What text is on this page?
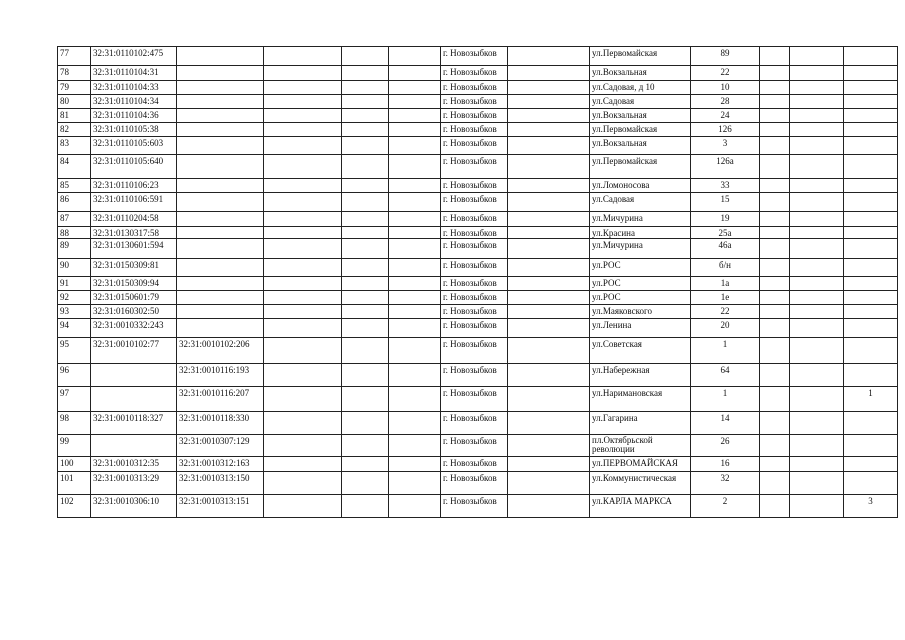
77	32:31:0110102:475					г. Новозыбков		ул.Первомайская	89			
78	32:31:0110104:31					г. Новозыбков		ул.Вокзальная	22			
79	32:31:0110104:33					г. Новозыбков		ул.Садовая, д 10	10			
80	32:31:0110104:34					г. Новозыбков		ул.Садовая	28			
81	32:31:0110104:36					г. Новозыбков		ул.Вокзальная	24			
82	32:31:0110105:38					г. Новозыбков		ул.Первомайская	126			
83	32:31:0110105:603					г. Новозыбков		ул.Вокзальная	3			
84	32:31:0110105:640					г. Новозыбков		ул.Первомайская	126а			
85	32:31:0110106:23					г. Новозыбков		ул.Ломоносова	33			
86	32:31:0110106:591					г. Новозыбков		ул.Садовая	15			
87	32:31:0110204:58					г. Новозыбков		ул.Мичурина	19			
88	32:31:0130317:58					г. Новозыбков		ул.Красина	25а			
89	32:31:0130601:594					г. Новозыбков		ул.Мичурина	46а			
90	32:31:0150309:81					г. Новозыбков		ул.РОС	б/н			
91	32:31:0150309:94					г. Новозыбков		ул.РОС	1а			
92	32:31:0150601:79					г. Новозыбков		ул.РОС	1е			
93	32:31:0160302:50					г. Новозыбков		ул.Маяковского	22			
94	32:31:0010332:243					г. Новозыбков		ул.Ленина	20			
95	32:31:0010102:77	32:31:0010102:206				г. Новозыбков		ул.Советская	1			
96		32:31:0010116:193				г. Новозыбков		ул.Набережная	64			
97		32:31:0010116:207				г. Новозыбков		ул.Наримановская	1			1
98	32:31:0010118:327	32:31:0010118:330				г. Новозыбков		ул.Гагарина	14			
99		32:31:0010307:129				г. Новозыбков		пл.Октябрьской революции	26			
100	32:31:0010312:35	32:31:0010312:163				г. Новозыбков		ул.ПЕРВОМАЙСКАЯ	16			
101	32:31:0010313:29	32:31:0010313:150				г. Новозыбков		ул.Коммунистическая	32			
102	32:31:0010306:10	32:31:0010313:151				г. Новозыбков		ул.КАРЛА МАРКСА	2			3
